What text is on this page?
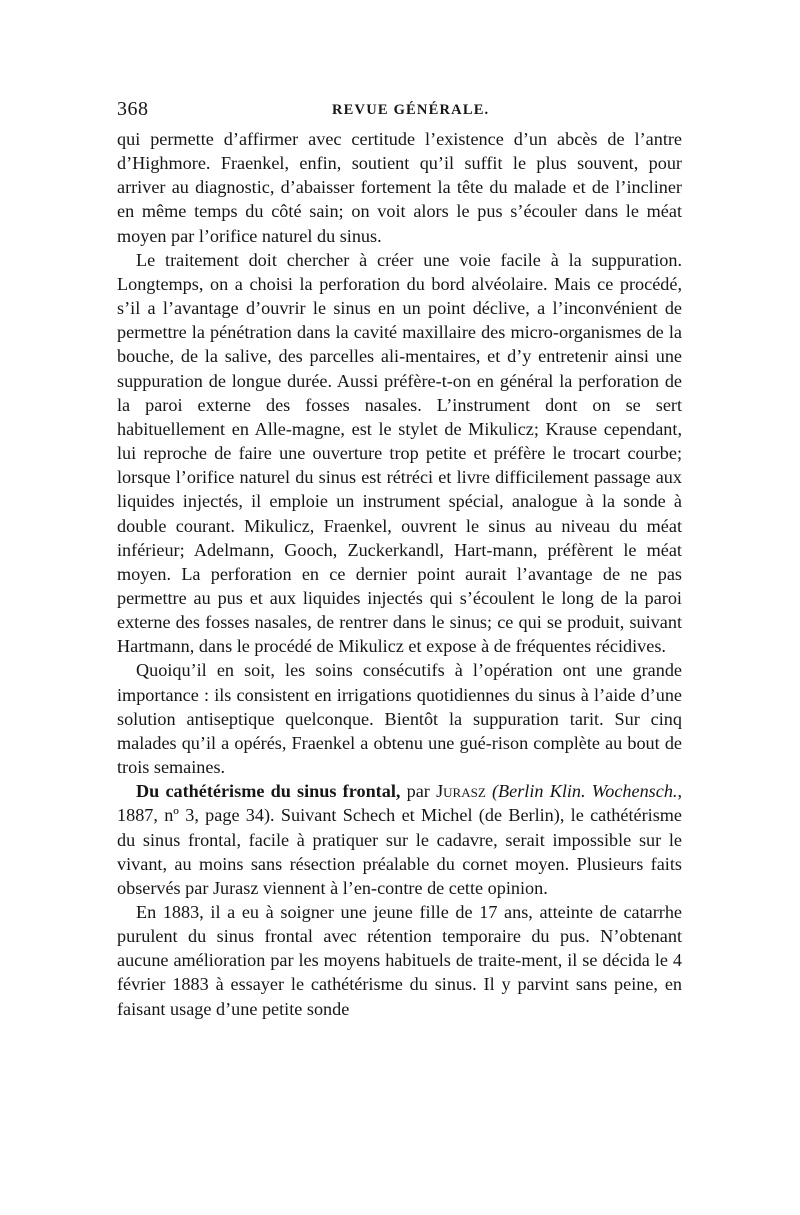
368	REVUE GÉNÉRALE.

qui permette d’affirmer avec certitude l’existence d’un abcès de l’antre d’Highmore. Fraenkel, enfin, soutient qu’il suffit le plus souvent, pour arriver au diagnostic, d’abaisser fortement la tête du malade et de l’incliner en même temps du côté sain; on voit alors le pus s’écouler dans le méat moyen par l’orifice naturel du sinus.

Le traitement doit chercher à créer une voie facile à la suppuration. Longtemps, on a choisi la perforation du bord alvéolaire. Mais ce procédé, s’il a l’avantage d’ouvrir le sinus en un point déclive, a l’inconvénient de permettre la pénétration dans la cavité maxillaire des micro-organismes de la bouche, de la salive, des parcelles ali-mentaires, et d’y entretenir ainsi une suppuration de longue durée. Aussi préfère-t-on en général la perforation de la paroi externe des fosses nasales. L’instrument dont on se sert habituellement en Alle-magne, est le stylet de Mikulicz; Krause cependant, lui reproche de faire une ouverture trop petite et préfère le trocart courbe; lorsque l’orifice naturel du sinus est rétréci et livre difficilement passage aux liquides injectés, il emploie un instrument spécial, analogue à la sonde à double courant. Mikulicz, Fraenkel, ouvrent le sinus au niveau du méat inférieur; Adelmann, Gooch, Zuckerkandl, Hart-mann, préfèrent le méat moyen. La perforation en ce dernier point aurait l’avantage de ne pas permettre au pus et aux liquides injectés qui s’écoulent le long de la paroi externe des fosses nasales, de rentrer dans le sinus; ce qui se produit, suivant Hartmann, dans le procédé de Mikulicz et expose à de fréquentes récidives.

Quoiqu’il en soit, les soins consécutifs à l’opération ont une grande importance : ils consistent en irrigations quotidiennes du sinus à l’aide d’une solution antiseptique quelconque. Bientôt la suppuration tarit. Sur cinq malades qu’il a opérés, Fraenkel a obtenu une gué-rison complète au bout de trois semaines.

Du cathétérisme du sinus frontal, par Jurasz (Berlin Klin. Wochensch., 1887, nº 3, page 34). Suivant Schech et Michel (de Berlin), le cathétérisme du sinus frontal, facile à pratiquer sur le cadavre, serait impossible sur le vivant, au moins sans résection préalable du cornet moyen. Plusieurs faits observés par Jurasz viennent à l’en-contre de cette opinion.

En 1883, il a eu à soigner une jeune fille de 17 ans, atteinte de catarrhe purulent du sinus frontal avec rétention temporaire du pus. N’obtenant aucune amélioration par les moyens habituels de traite-ment, il se décida le 4 février 1883 à essayer le cathétérisme du sinus. Il y parvint sans peine, en faisant usage d’une petite sonde
